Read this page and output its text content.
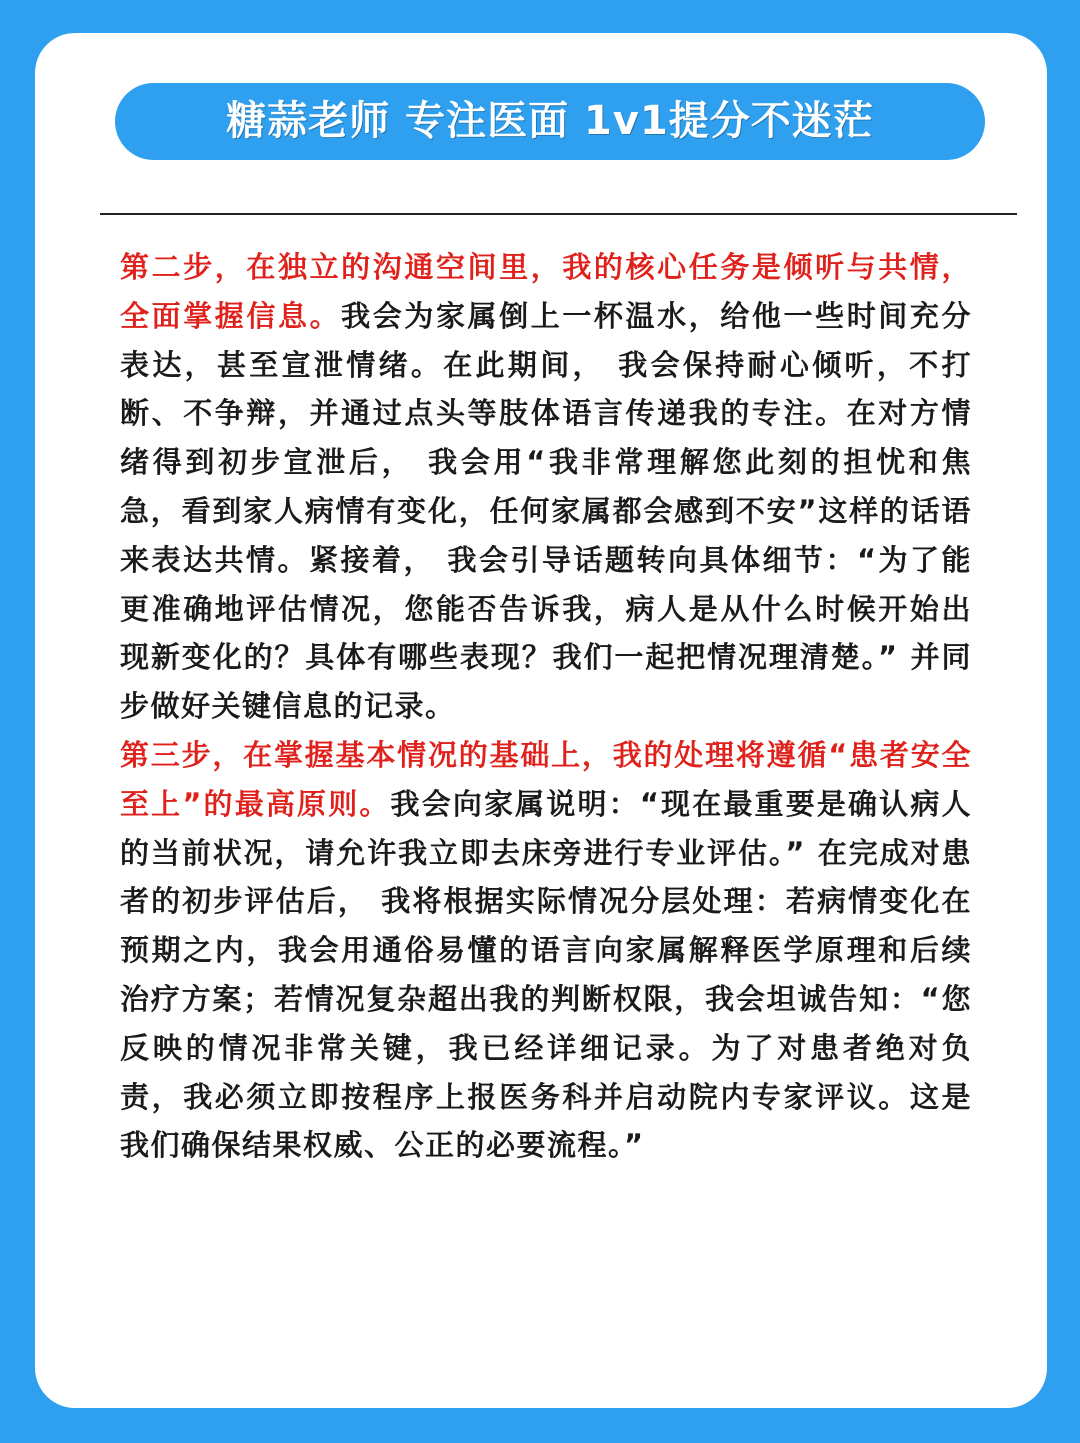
糖蒜老师 专注医面 1v1提分不迷茫

第二步，在独立的沟通空间里，我的核心任务是倾听与共情，全面掌握信息。我会为家属倒上一杯温水，给他一些时间充分表达，甚至宣泄情绪。在此期间， 我会保持耐心倾听，不打断、不争辩，并通过点头等肢体语言传递我的专注。在对方情绪得到初步宣泄后， 我会用“我非常理解您此刻的担忧和焦急，看到家人病情有变化，任何家属都会感到不安”这样的话语来表达共情。紧接着， 我会引导话题转向具体细节：“为了能更准确地评估情况，您能否告诉我，病人是从什么时候开始出现新变化的？具体有哪些表现？我们一起把情况理清楚。” 并同步做好关键信息的记录。

第三步，在掌握基本情况的基础上，我的处理将遵循“患者安全至上”的最高原则。我会向家属说明：“现在最重要是确认病人的当前状况，请允许我立即去床旁进行专业评估。” 在完成对患者的初步评估后， 我将根据实际情况分层处理：若病情变化在预期之内，我会用通俗易懂的语言向家属解释医学原理和后续治疗方案；若情况复杂超出我的判断权限，我会坦诚告知：“您反映的情况非常关键，我已经详细记录。为了对患者绝对负责，我必须立即按程序上报医务科并启动院内专家评议。这是我们确保结果权威、公正的必要流程。”
